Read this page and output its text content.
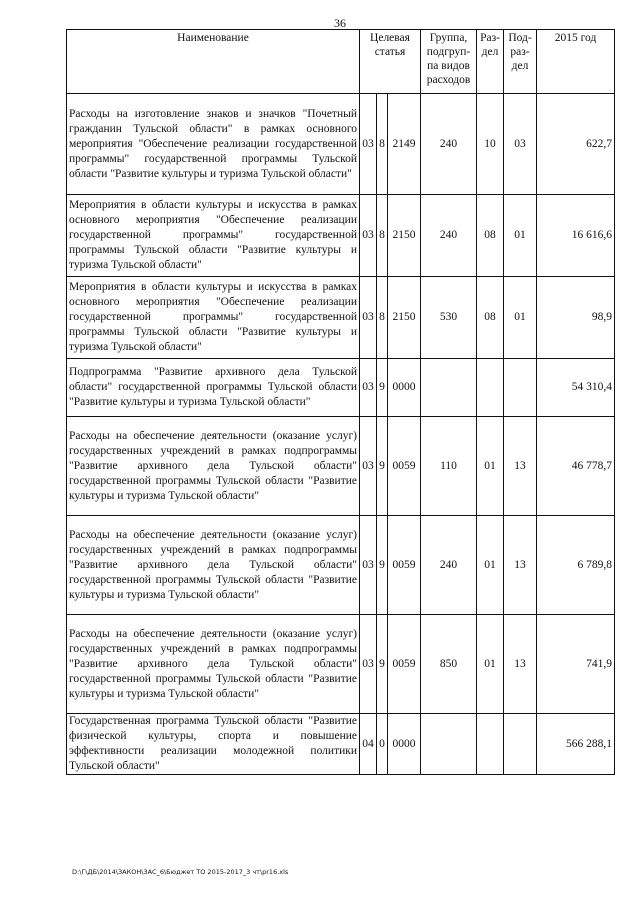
36
Наименование	Целевая статья			Группа, подгруп-па видов расходов	Раз-дел	Под-раз-дел	2015 год
Расходы на изготовление знаков и значков "Почетный гражданин Тульской области" в рамках основного мероприятия "Обеспечение реализации государственной программы" государственной программы Тульской области "Развитие культуры и туризма Тульской области"	03	8	2149	240	10	03	622,7
Мероприятия в области культуры и искусства в рамках основного мероприятия "Обеспечение реализации государственной программы" государственной программы Тульской области "Развитие культуры и туризма Тульской области"	03	8	2150	240	08	01	16 616,6
Мероприятия в области культуры и искусства в рамках основного мероприятия "Обеспечение реализации государственной программы" государственной программы Тульской области "Развитие культуры и туризма Тульской области"	03	8	2150	530	08	01	98,9
Подпрограмма "Развитие архивного дела Тульской области" государственной программы Тульской области "Развитие культуры и туризма Тульской области"	03	9	0000				54 310,4
Расходы на обеспечение деятельности (оказание услуг) государственных учреждений в рамках подпрограммы "Развитие архивного дела Тульской области" государственной программы Тульской области "Развитие культуры и туризма Тульской области"	03	9	0059	110	01	13	46 778,7
Расходы на обеспечение деятельности (оказание услуг) государственных учреждений в рамках подпрограммы "Развитие архивного дела Тульской области" государственной программы Тульской области "Развитие культуры и туризма Тульской области"	03	9	0059	240	01	13	6 789,8
Расходы на обеспечение деятельности (оказание услуг) государственных учреждений в рамках подпрограммы "Развитие архивного дела Тульской области" государственной программы Тульской области "Развитие культуры и туризма Тульской области"	03	9	0059	850	01	13	741,9
Государственная программа Тульской области "Развитие физической культуры, спорта и повышение эффективности реализации молодежной политики Тульской области"	04	0	0000				566 288,1
D:\Г\ДБ\2014\ЗАКОН\ЗАС_6\Бюджет ТО 2015-2017_3 чт\pr16.xls
